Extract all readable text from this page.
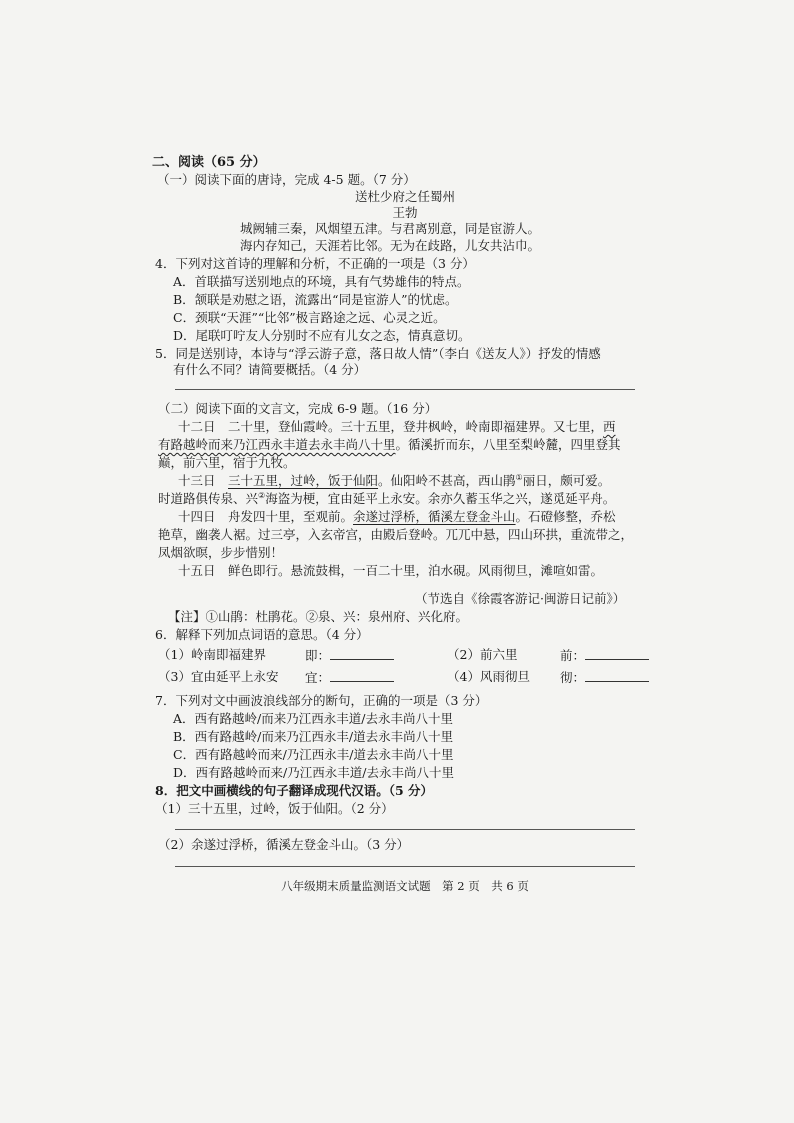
二、阅读（65 分）
（一）阅读下面的唐诗，完成 4-5 题。（7 分）
送杜少府之任蜀州
王勃
城阙辅三秦，风烟望五津。与君离别意，同是宦游人。
海内存知己，天涯若比邻。无为在歧路，儿女共沾巾。
4．下列对这首诗的理解和分析，不正确的一项是（3 分）
A．首联描写送别地点的环境，具有气势雄伟的特点。
B．颔联是劝慰之语，流露出“同是宦游人”的忧虑。
C．颈联“天涯”“比邻”极言路途之远、心灵之近。
D．尾联叮咛友人分别时不应有儿女之态，情真意切。
5．同是送别诗，本诗与“浮云游子意，落日故人情”（李白《送友人》）抒发的情感
有什么不同？请简要概括。（4 分）
（二）阅读下面的文言文，完成 6-9 题。（16 分）
十二日　二十里，登仙霞岭。三十五里，登井枫岭，岭南即福建界。又七里，西
有路越岭而来乃江西永丰道去永丰尚八十里。循溪折而东，八里至梨岭麓，四里登其
巅，前六里，宿于九牧。
十三日　三十五里，过岭，饭于仙阳。仙阳岭不甚高，西山鹃①丽日，颇可爱。
时道路俱传泉、兴②海盗为梗，宜由延平上永安。余亦久蓄玉华之兴，遂觅延平舟。
十四日　舟发四十里，至观前。余遂过浮桥，循溪左登金斗山。石磴修整，乔松
艳草，幽袭人裾。过三亭，入玄帝宫，由殿后登岭。兀兀中悬，四山环拱，重流带之，
凤烟欲暝，步步惜别！
十五日　鲜色即行。悬流鼓楫，一百二十里，泊水硯。风雨彻旦，滩喧如雷。
（节选自《徐霞客游记·闽游日记前》）
【注】①山鹃：杜鹃花。②泉、兴：泉州府、兴化府。
6．解释下列加点词语的意思。（4 分）
（1）岭南即福建界	即：	（2）前六里	前：
（3）宜由延平上永安 宜：	（4）风雨彻旦 彻：
7．下列对文中画波浪线部分的断句，正确的一项是（3 分）
A．西有路越岭/而来乃江西永丰道/去永丰尚八十里
B．西有路越岭/而来乃江西永丰/道去永丰尚八十里
C．西有路越岭而来/乃江西永丰/道去永丰尚八十里
D．西有路越岭而来/乃江西永丰道/去永丰尚八十里
8．把文中画横线的句子翻译成现代汉语。（5 分）
（1）三十五里，过岭，饭于仙阳。（2 分）
（2）余遂过浮桥，循溪左登金斗山。（3 分）
八年级期末质量监测语文试题　第 2 页　共 6 页
